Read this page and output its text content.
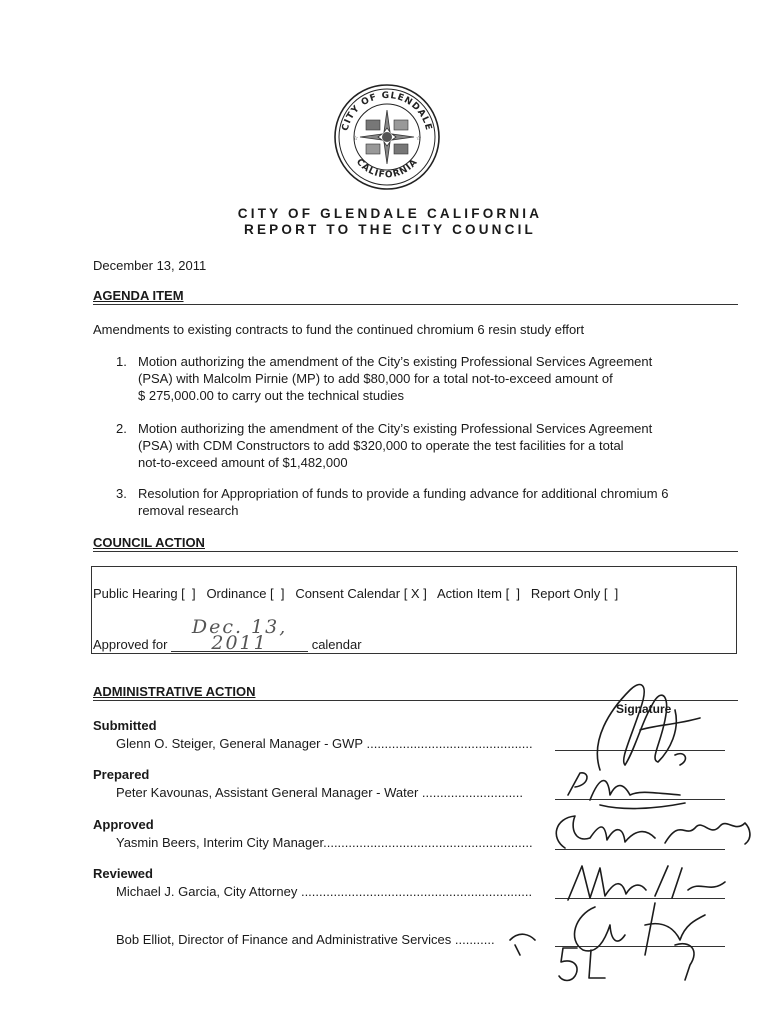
CITY OF GLENDALE
CALIFORNIA
☆	☆
CITY OF GLENDALE CALIFORNIA
REPORT TO THE CITY COUNCIL
December 13, 2011
AGENDA ITEM
Amendments to existing contracts to fund the continued chromium 6 resin study effort
1. Motion authorizing the amendment of the City’s existing Professional Services Agreement
(PSA) with Malcolm Pirnie (MP) to add $80,000 for a total not-to-exceed amount of
$ 275,000.00 to carry out the technical studies
2. Motion authorizing the amendment of the City’s existing Professional Services Agreement
(PSA) with CDM Constructors to add $320,000 to operate the test facilities for a total
not-to-exceed amount of $1,482,000
3. Resolution for Appropriation of funds to provide a funding advance for additional chromium 6
removal research
COUNCIL ACTION
Public Hearing [  ]   Ordinance [  ]   Consent Calendar [ X ]   Action Item [  ]   Report Only [  ]
Approved for Dec. 13, 2011	calendar
ADMINISTRATIVE ACTION
Signature
Submitted
Glenn O. Steiger, General Manager - GWP ..............................................
Prepared
Peter Kavounas, Assistant General Manager - Water ............................
Approved
Yasmin Beers, Interim City Manager..........................................................
Reviewed
Michael J. Garcia, City Attorney ................................................................
Bob Elliot, Director of Finance and Administrative Services ...........
